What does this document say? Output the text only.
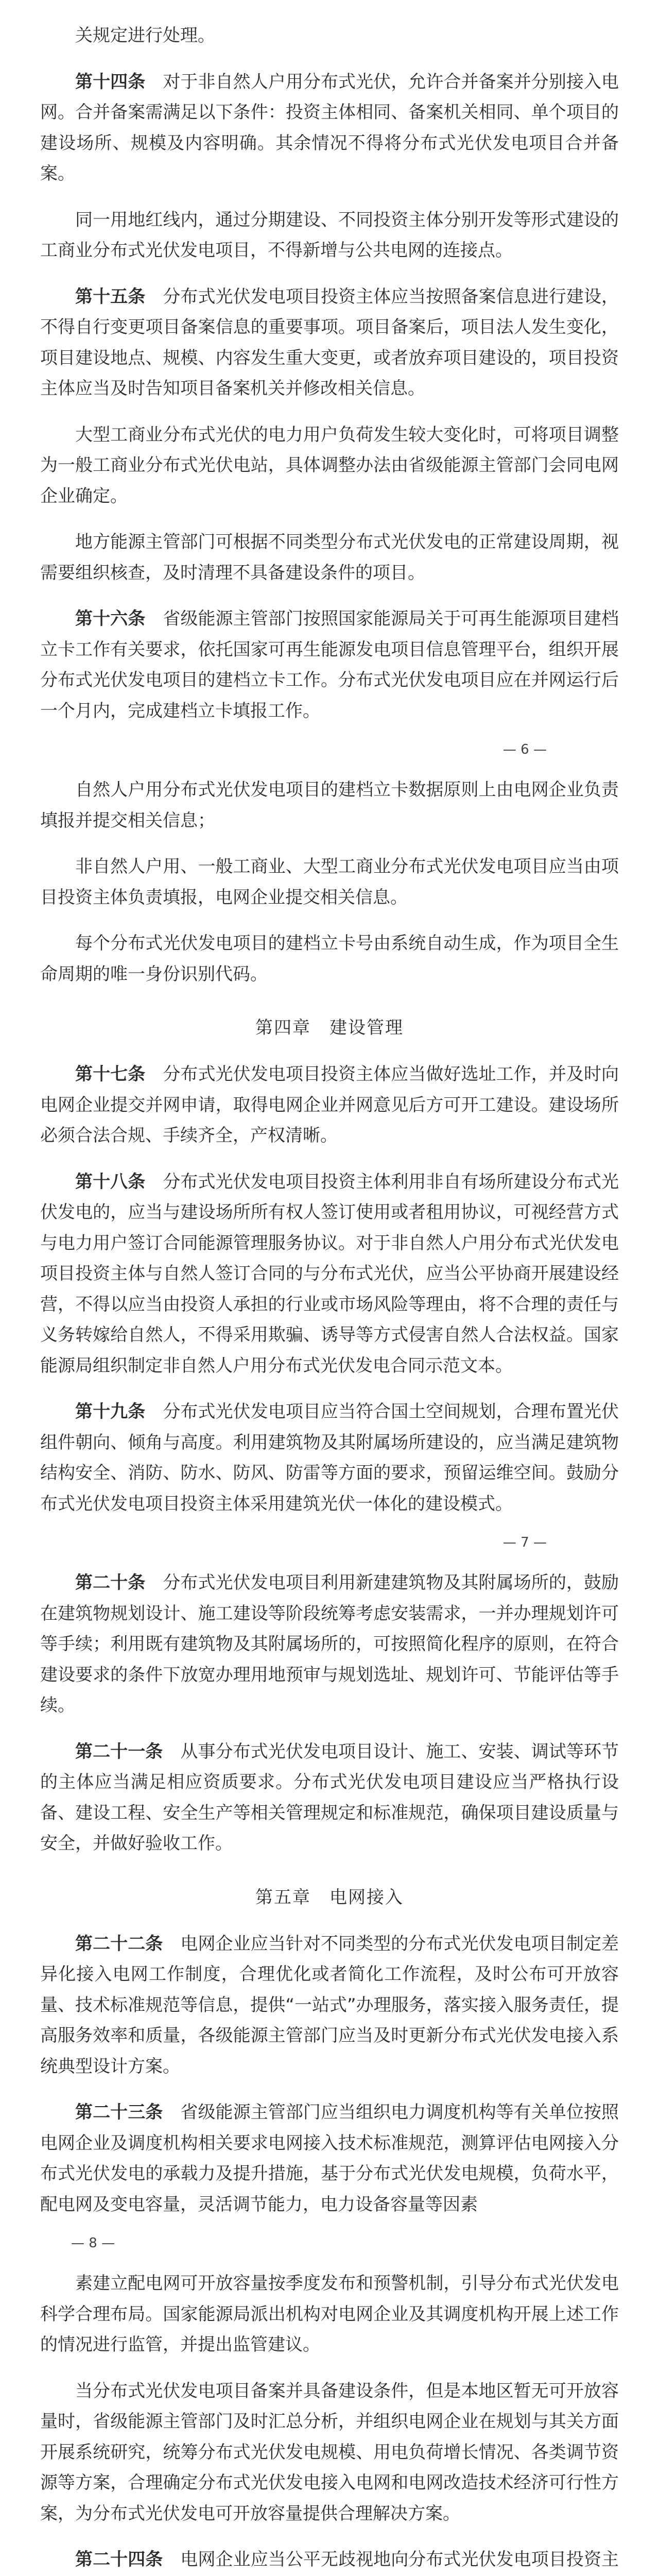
关规定进行处理。

第十四条　 对于非自然人户用分布式光伏，允许合并备案并分别接入电网。合并备案需满足以下条件：投资主体相同、备案机关相同、单个项目的建设场所、规模及内容明确。其余情况不得将分布式光伏发电项目合并备案。

同一用地红线内，通过分期建设、不同投资主体分别开发等形式建设的工商业分布式光伏发电项目，不得新增与公共电网的连接点。

第十五条　 分布式光伏发电项目投资主体应当按照备案信息进行建设，不得自行变更项目备案信息的重要事项。项目备案后，项目法人发生变化，项目建设地点、规模、内容发生重大变更，或者放弃项目建设的，项目投资主体应当及时告知项目备案机关并修改相关信息。

大型工商业分布式光伏的电力用户负荷发生较大变化时，可将项目调整为一般工商业分布式光伏电站，具体调整办法由省级能源主管部门会同电网企业确定。

地方能源主管部门可根据不同类型分布式光伏发电的正常建设周期，视需要组织核查，及时清理不具备建设条件的项目。

第十六条　 省级能源主管部门按照国家能源局关于可再生能源项目建档立卡工作有关要求，依托国家可再生能源发电项目信息管理平台，组织开展分布式光伏发电项目的建档立卡工作。分布式光伏发电项目应在并网运行后一个月内，完成建档立卡填报工作。

— 6 —

自然人户用分布式光伏发电项目的建档立卡数据原则上由电网企业负责填报并提交相关信息；

非自然人户用、一般工商业、大型工商业分布式光伏发电项目应当由项目投资主体负责填报，电网企业提交相关信息。

每个分布式光伏发电项目的建档立卡号由系统自动生成，作为项目全生命周期的唯一身份识别代码。

第四章　建设管理

第十七条　 分布式光伏发电项目投资主体应当做好选址工作，并及时向电网企业提交并网申请，取得电网企业并网意见后方可开工建设。建设场所必须合法合规、手续齐全，产权清晰。

第十八条　 分布式光伏发电项目投资主体利用非自有场所建设分布式光伏发电的，应当与建设场所所有权人签订使用或者租用协议，可视经营方式与电力用户签订合同能源管理服务协议。对于非自然人户用分布式光伏发电项目投资主体与自然人签订合同的与分布式光伏，应当公平协商开展建设经营，不得以应当由投资人承担的行业或市场风险等理由，将不合理的责任与义务转嫁给自然人，不得采用欺骗、诱导等方式侵害自然人合法权益。国家能源局组织制定非自然人户用分布式光伏发电合同示范文本。

第十九条　 分布式光伏发电项目应当符合国土空间规划，合理布置光伏组件朝向、倾角与高度。利用建筑物及其附属场所建设的，应当满足建筑物结构安全、消防、防水、防风、防雷等方面的要求，预留运维空间。鼓励分布式光伏发电项目投资主体采用建筑光伏一体化的建设模式。

— 7 —

第二十条　 分布式光伏发电项目利用新建建筑物及其附属场所的，鼓励在建筑物规划设计、施工建设等阶段统筹考虑安装需求，一并办理规划许可等手续；利用既有建筑物及其附属场所的，可按照简化程序的原则，在符合建设要求的条件下放宽办理用地预审与规划选址、规划许可、节能评估等手续。

第二十一条　 从事分布式光伏发电项目设计、施工、安装、调试等环节的主体应当满足相应资质要求。分布式光伏发电项目建设应当严格执行设备、建设工程、安全生产等相关管理规定和标准规范，确保项目建设质量与安全，并做好验收工作。

第五章　电网接入

第二十二条　 电网企业应当针对不同类型的分布式光伏发电项目制定差异化接入电网工作制度，合理优化或者简化工作流程，及时公布可开放容量、技术标准规范等信息，提供“一站式”办理服务，落实接入服务责任，提高服务效率和质量，各级能源主管部门应当及时更新分布式光伏发电接入系统典型设计方案。

第二十三条　 省级能源主管部门应当组织电力调度机构等有关单位按照电网企业及调度机构相关要求电网接入技术标准规范，测算评估电网接入分布式光伏发电的承载力及提升措施，基于分布式光伏发电规模，负荷水平，配电网及变电容量，灵活调节能力，电力设备容量等因素

— 8 —

素建立配电网可开放容量按季度发布和预警机制，引导分布式光伏发电科学合理布局。国家能源局派出机构对电网企业及其调度机构开展上述工作的情况进行监管，并提出监管建议。

当分布式光伏发电项目备案并具备建设条件，但是本地区暂无可开放容量时，省级能源主管部门及时汇总分析，并组织电网企业在规划与其关方面开展系统研究，统筹分布式光伏发电规模、用电负荷增长情况、各类调节资源等方案，合理确定分布式光伏发电接入电网和电网改造技术经济可行性方案，为分布式光伏发电可开放容量提供合理解决方案。

第二十四条　 电网企业应当公平无歧视地向分布式光伏发电项目投资主
